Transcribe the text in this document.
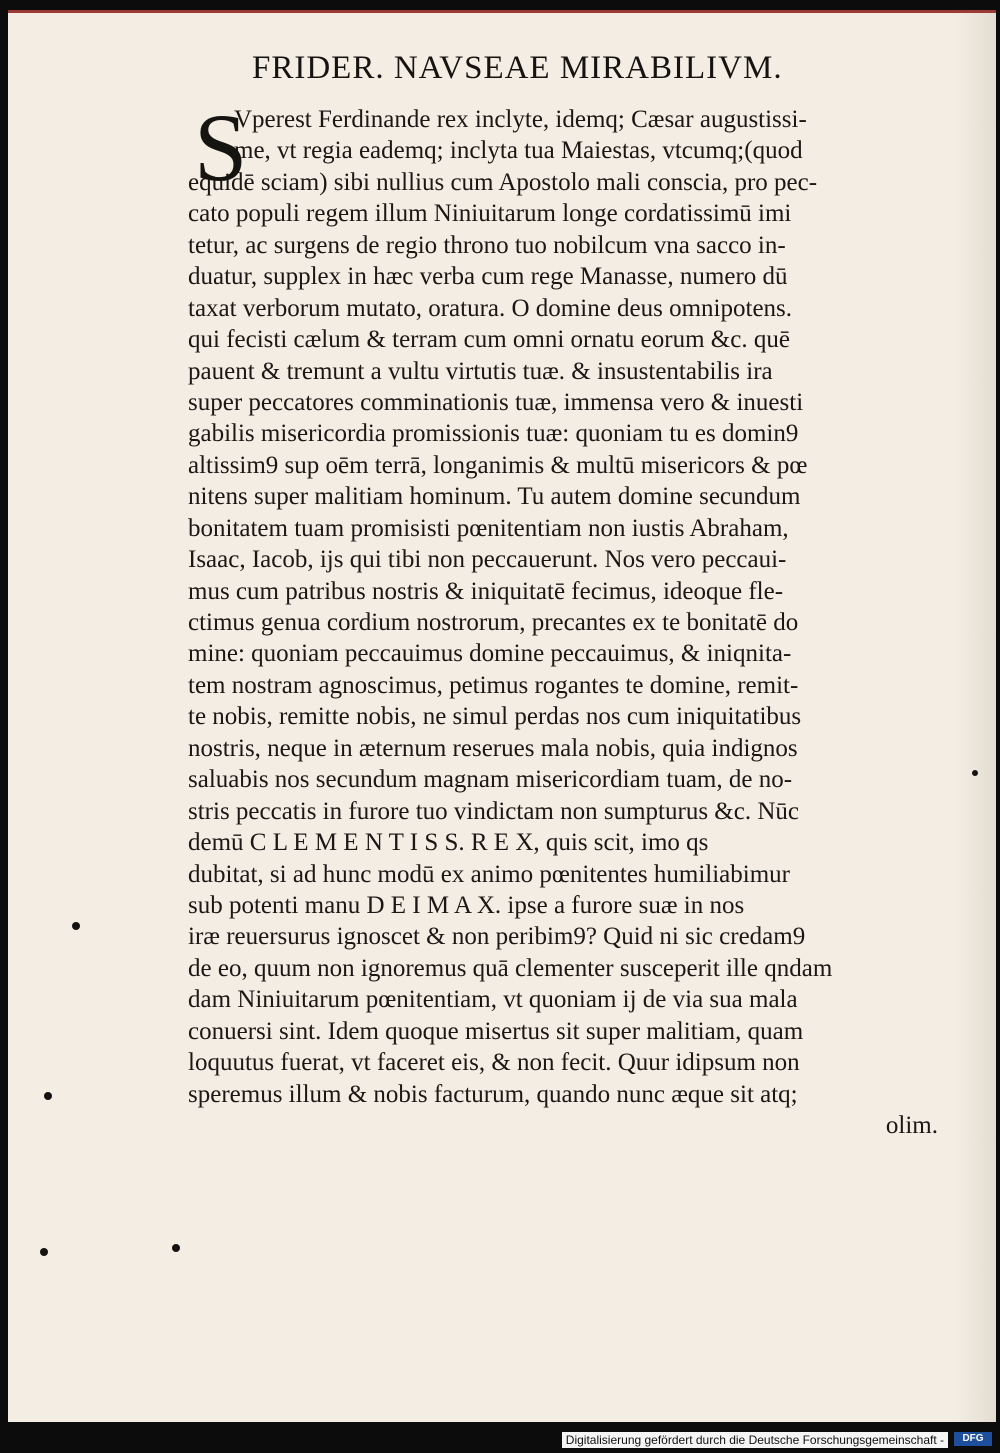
FRIDER. NAVSEAE MIRABILIVM.
S
Vperest Ferdinande rex inclyte, idemq; Cæsar augustissi-
me, vt regia eademq; inclyta tua Maiestas, vtcumq;(quod
equidē sciam) sibi nullius cum Apostolo mali conscia, pro pec-
cato populi regem illum Niniuitarum longe cordatissimū imi
tetur, ac surgens de regio throno tuo nobilcum vna sacco in-
duatur, supplex in hæc verba cum rege Manasse, numero dū
taxat verborum mutato, oratura. O domine deus omnipotens.
qui fecisti cælum & terram cum omni ornatu eorum &c. quē
pauent & tremunt a vultu virtutis tuæ. & insustentabilis ira
super peccatores comminationis tuæ, immensa vero & inuesti
gabilis misericordia promissionis tuæ: quoniam tu es domin9
altissim9 sup oēm terrā, longanimis & multū misericors & pœ
nitens super malitiam hominum. Tu autem domine secundum
bonitatem tuam promisisti pœnitentiam non iustis Abraham,
Isaac, Iacob, ijs qui tibi non peccauerunt. Nos vero peccaui-
mus cum patribus nostris & iniquitatē fecimus, ideoque fle-
ctimus genua cordium nostrorum, precantes ex te bonitatē do
mine: quoniam peccauimus domine peccauimus, & iniqnita-
tem nostram agnoscimus, petimus rogantes te domine, remit-
te nobis, remitte nobis, ne simul perdas nos cum iniquitatibus
nostris, neque in æternum reserues mala nobis, quia indignos
saluabis nos secundum magnam misericordiam tuam, de no-
stris peccatis in furore tuo vindictam non sumpturus &c. Nūc
demū C L E M E N T I S S. R E X, quis scit, imo qs
dubitat, si ad hunc modū ex animo pœnitentes humiliabimur
sub potenti manu D E I M A X. ipse a furore suæ in nos
iræ reuersurus ignoscet & non peribim9? Quid ni sic credam9
de eo, quum non ignoremus quā clementer susceperit ille qndam
dam Niniuitarum pœnitentiam, vt quoniam ij de via sua mala
conuersi sint. Idem quoque misertus sit super malitiam, quam
loquutus fuerat, vt faceret eis, & non fecit. Quur idipsum non
speremus illum & nobis facturum, quando nunc æque sit atq;
olim.
Digitalisierung gefördert durch die Deutsche Forschungsgemeinschaft -	DFG
